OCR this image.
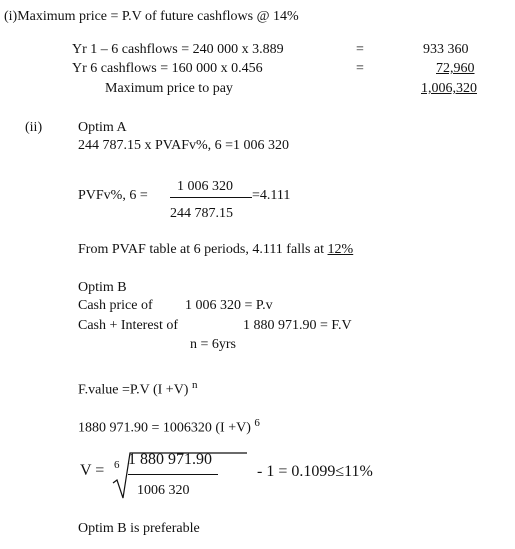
(i)Maximum price = P.V of future cashflows @ 14%
Yr 1 – 6 cashflows = 240 000 x 3.889	=	933 360
Yr 6 cashflows = 160 000 x 0.456	=	72,960
Maximum price to pay	1,006,320
(ii)	Optim A
244 787.15 x PVAFv%, 6 =1 006 320
PVFv%, 6 =
1 006 320
244 787.15
=4.111
From PVAF table at 6 periods, 4.111 falls at 12%
Optim B
Cash price of 1 006 320 = P.v
Cash + Interest of	1 880 971.90 = F.V
n = 6yrs
F.value =P.V (I +V) $^n$
1880 971.90 = 1006320 (I +V) $^6$
V = 6 1 880 971.90
1006 320
- 1 = 0.1099≤11%
Optim B is preferable
